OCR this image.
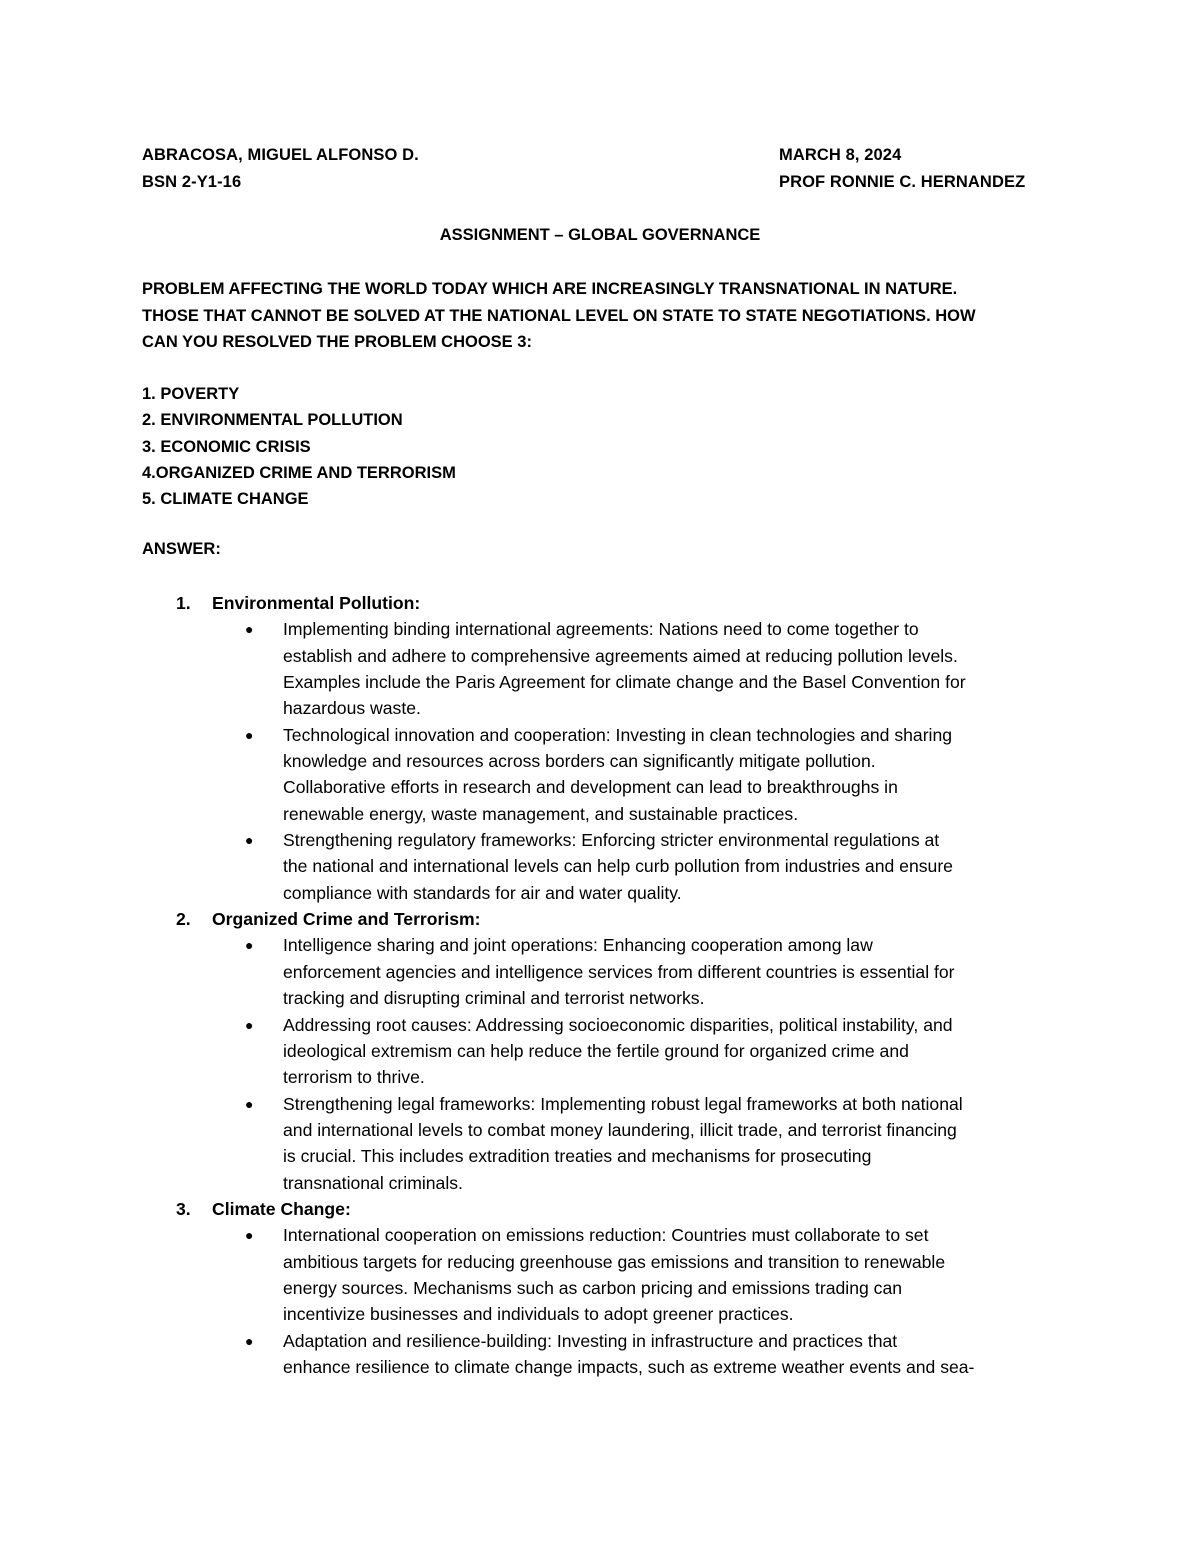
ABRACOSA, MIGUEL ALFONSO D.	MARCH 8, 2024
BSN 2-Y1-16	PROF RONNIE C. HERNANDEZ
ASSIGNMENT – GLOBAL GOVERNANCE
PROBLEM AFFECTING THE WORLD TODAY WHICH ARE INCREASINGLY TRANSNATIONAL IN NATURE.
THOSE THAT CANNOT BE SOLVED AT THE NATIONAL LEVEL ON STATE TO STATE NEGOTIATIONS. HOW
CAN YOU RESOLVED THE PROBLEM CHOOSE 3:
1. POVERTY
2. ENVIRONMENTAL POLLUTION
3. ECONOMIC CRISIS
4.ORGANIZED CRIME AND TERRORISM
5. CLIMATE CHANGE
ANSWER:
1. Environmental Pollution:
● Implementing binding international agreements: Nations need to come together to
establish and adhere to comprehensive agreements aimed at reducing pollution levels.
Examples include the Paris Agreement for climate change and the Basel Convention for
hazardous waste.
● Technological innovation and cooperation: Investing in clean technologies and sharing
knowledge and resources across borders can significantly mitigate pollution.
Collaborative efforts in research and development can lead to breakthroughs in
renewable energy, waste management, and sustainable practices.
● Strengthening regulatory frameworks: Enforcing stricter environmental regulations at
the national and international levels can help curb pollution from industries and ensure
compliance with standards for air and water quality.
2. Organized Crime and Terrorism:
● Intelligence sharing and joint operations: Enhancing cooperation among law
enforcement agencies and intelligence services from different countries is essential for
tracking and disrupting criminal and terrorist networks.
● Addressing root causes: Addressing socioeconomic disparities, political instability, and
ideological extremism can help reduce the fertile ground for organized crime and
terrorism to thrive.
● Strengthening legal frameworks: Implementing robust legal frameworks at both national
and international levels to combat money laundering, illicit trade, and terrorist financing
is crucial. This includes extradition treaties and mechanisms for prosecuting
transnational criminals.
3. Climate Change:
● International cooperation on emissions reduction: Countries must collaborate to set
ambitious targets for reducing greenhouse gas emissions and transition to renewable
energy sources. Mechanisms such as carbon pricing and emissions trading can
incentivize businesses and individuals to adopt greener practices.
● Adaptation and resilience-building: Investing in infrastructure and practices that
enhance resilience to climate change impacts, such as extreme weather events and sea-
